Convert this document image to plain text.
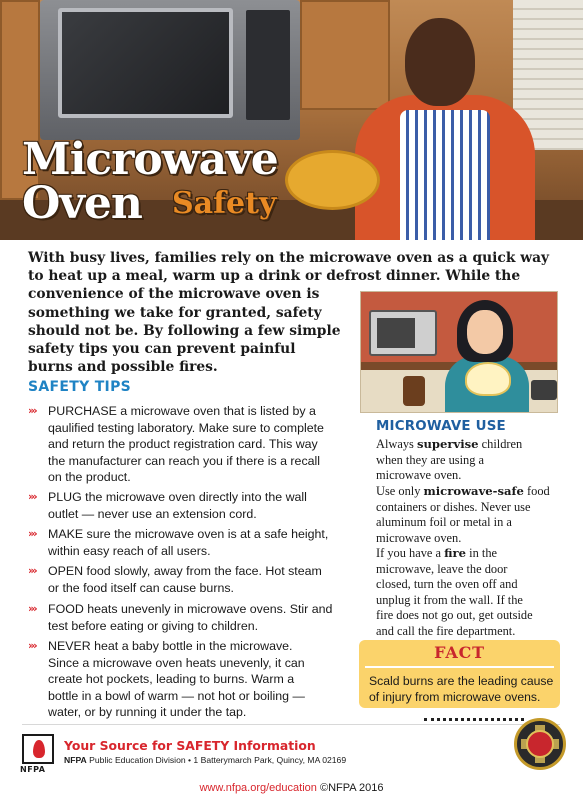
Microwave
Oven Safety
With busy lives, families rely on the microwave oven as a quick way
to heat up a meal, warm up a drink or defrost dinner. While the
convenience of the microwave oven is
something we take for granted, safety
should not be. By following a few simple
safety tips you can prevent painful
burns and possible fires.
SAFETY TIPS
››› PURCHASE a microwave oven that is listed by a
qaulified testing laboratory. Make sure to complete
and return the product registration card. This way
the manufacturer can reach you if there is a recall
on the product.
››› PLUG the microwave oven directly into the wall
outlet — never use an extension cord.
››› MAKE sure the microwave oven is at a safe height,
within easy reach of all users.
››› OPEN food slowly, away from the face. Hot steam
or the food itself can cause burns.
››› FOOD heats unevenly in microwave ovens. Stir and
test before eating or giving to children.
››› NEVER heat a baby bottle in the microwave.
Since a microwave oven heats unevenly, it can
create hot pockets, leading to burns. Warm a
bottle in a bowl of warm — not hot or boiling —
water, or by running it under the tap.
MICROWAVE USE
Always supervise children
when they are using a
microwave oven.
Use only microwave-safe food
containers or dishes. Never use
aluminum foil or metal in a
microwave oven.
If you have a fire in the
microwave, leave the door
closed, turn the oven off and
unplug it from the wall. If the
fire does not go out, get outside
and call the fire department.
FACT
Scald burns are the leading cause
of injury from microwave ovens.
NFPA
Your Source for SAFETY Information
NFPA Public Education Division • 1 Batterymarch Park, Quincy, MA 02169
www.nfpa.org/education ©NFPA 2016
